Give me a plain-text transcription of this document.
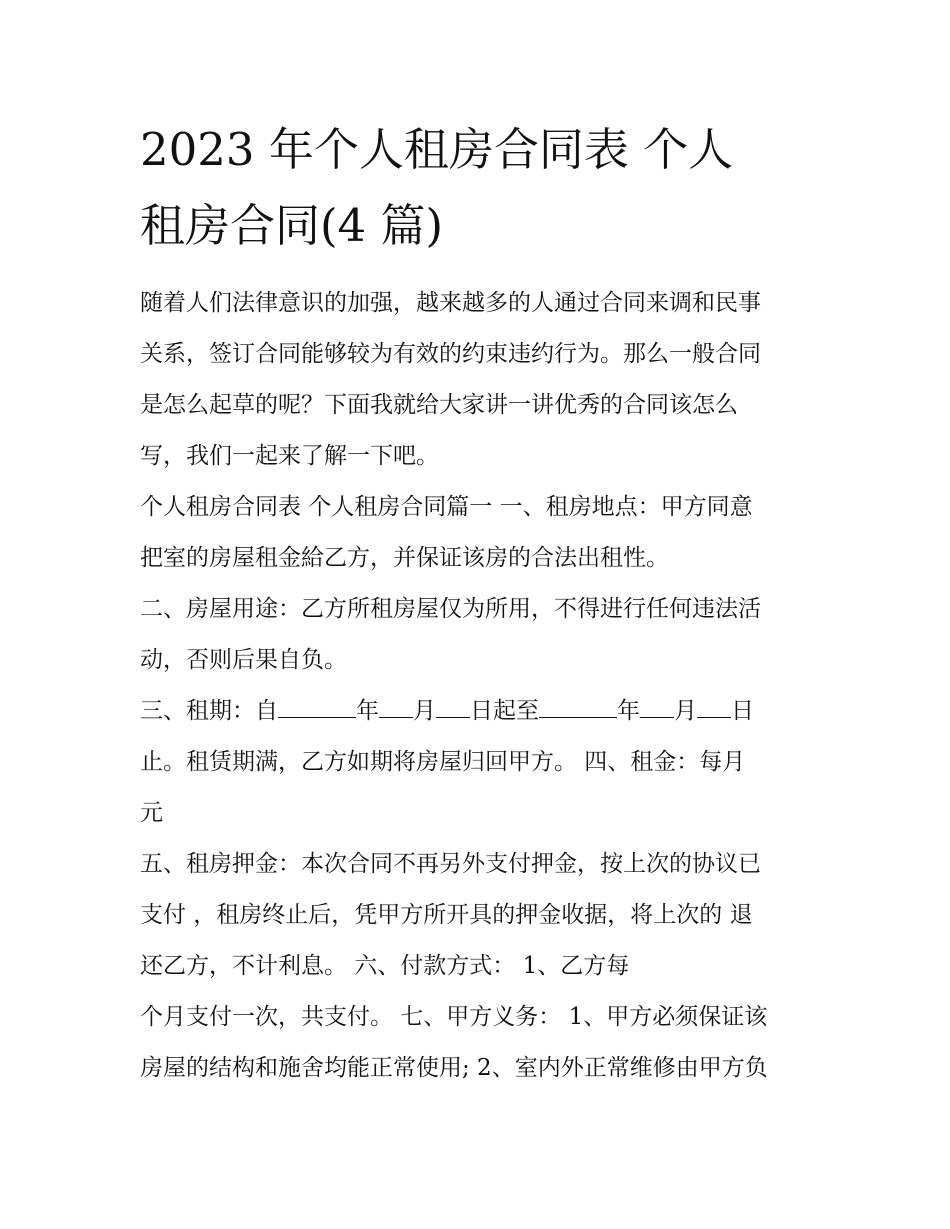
2023 年个人租房合同表 个人
租房合同(4 篇)

随着人们法律意识的加强，越来越多的人通过合同来调和民事
关系，签订合同能够较为有效的约束违约行为。那么一般合同
是怎么起草的呢？下面我就给大家讲一讲优秀的合同该怎么
写，我们一起来了解一下吧。

个人租房合同表 个人租房合同篇一 一、租房地点：甲方同意
把室的房屋租金給乙方，并保证该房的合法出租性。

二、房屋用途：乙方所租房屋仅为所用，不得进行任何违法活
动，否则后果自负。

三、租期：自	年 月 日起至	年 月 日
止。租赁期满，乙方如期将房屋归回甲方。 四、租金：每月
元

五、租房押金：本次合同不再另外支付押金，按上次的协议已
支付 ，租房终止后，凭甲方所开具的押金收据，将上次的 退
还乙方，不计利息。 六、付款方式： 1、乙方每

个月支付一次，共支付。 七、甲方义务： 1、甲方必须保证该
房屋的结构和施舍均能正常使用; 2、室内外正常维修由甲方负
